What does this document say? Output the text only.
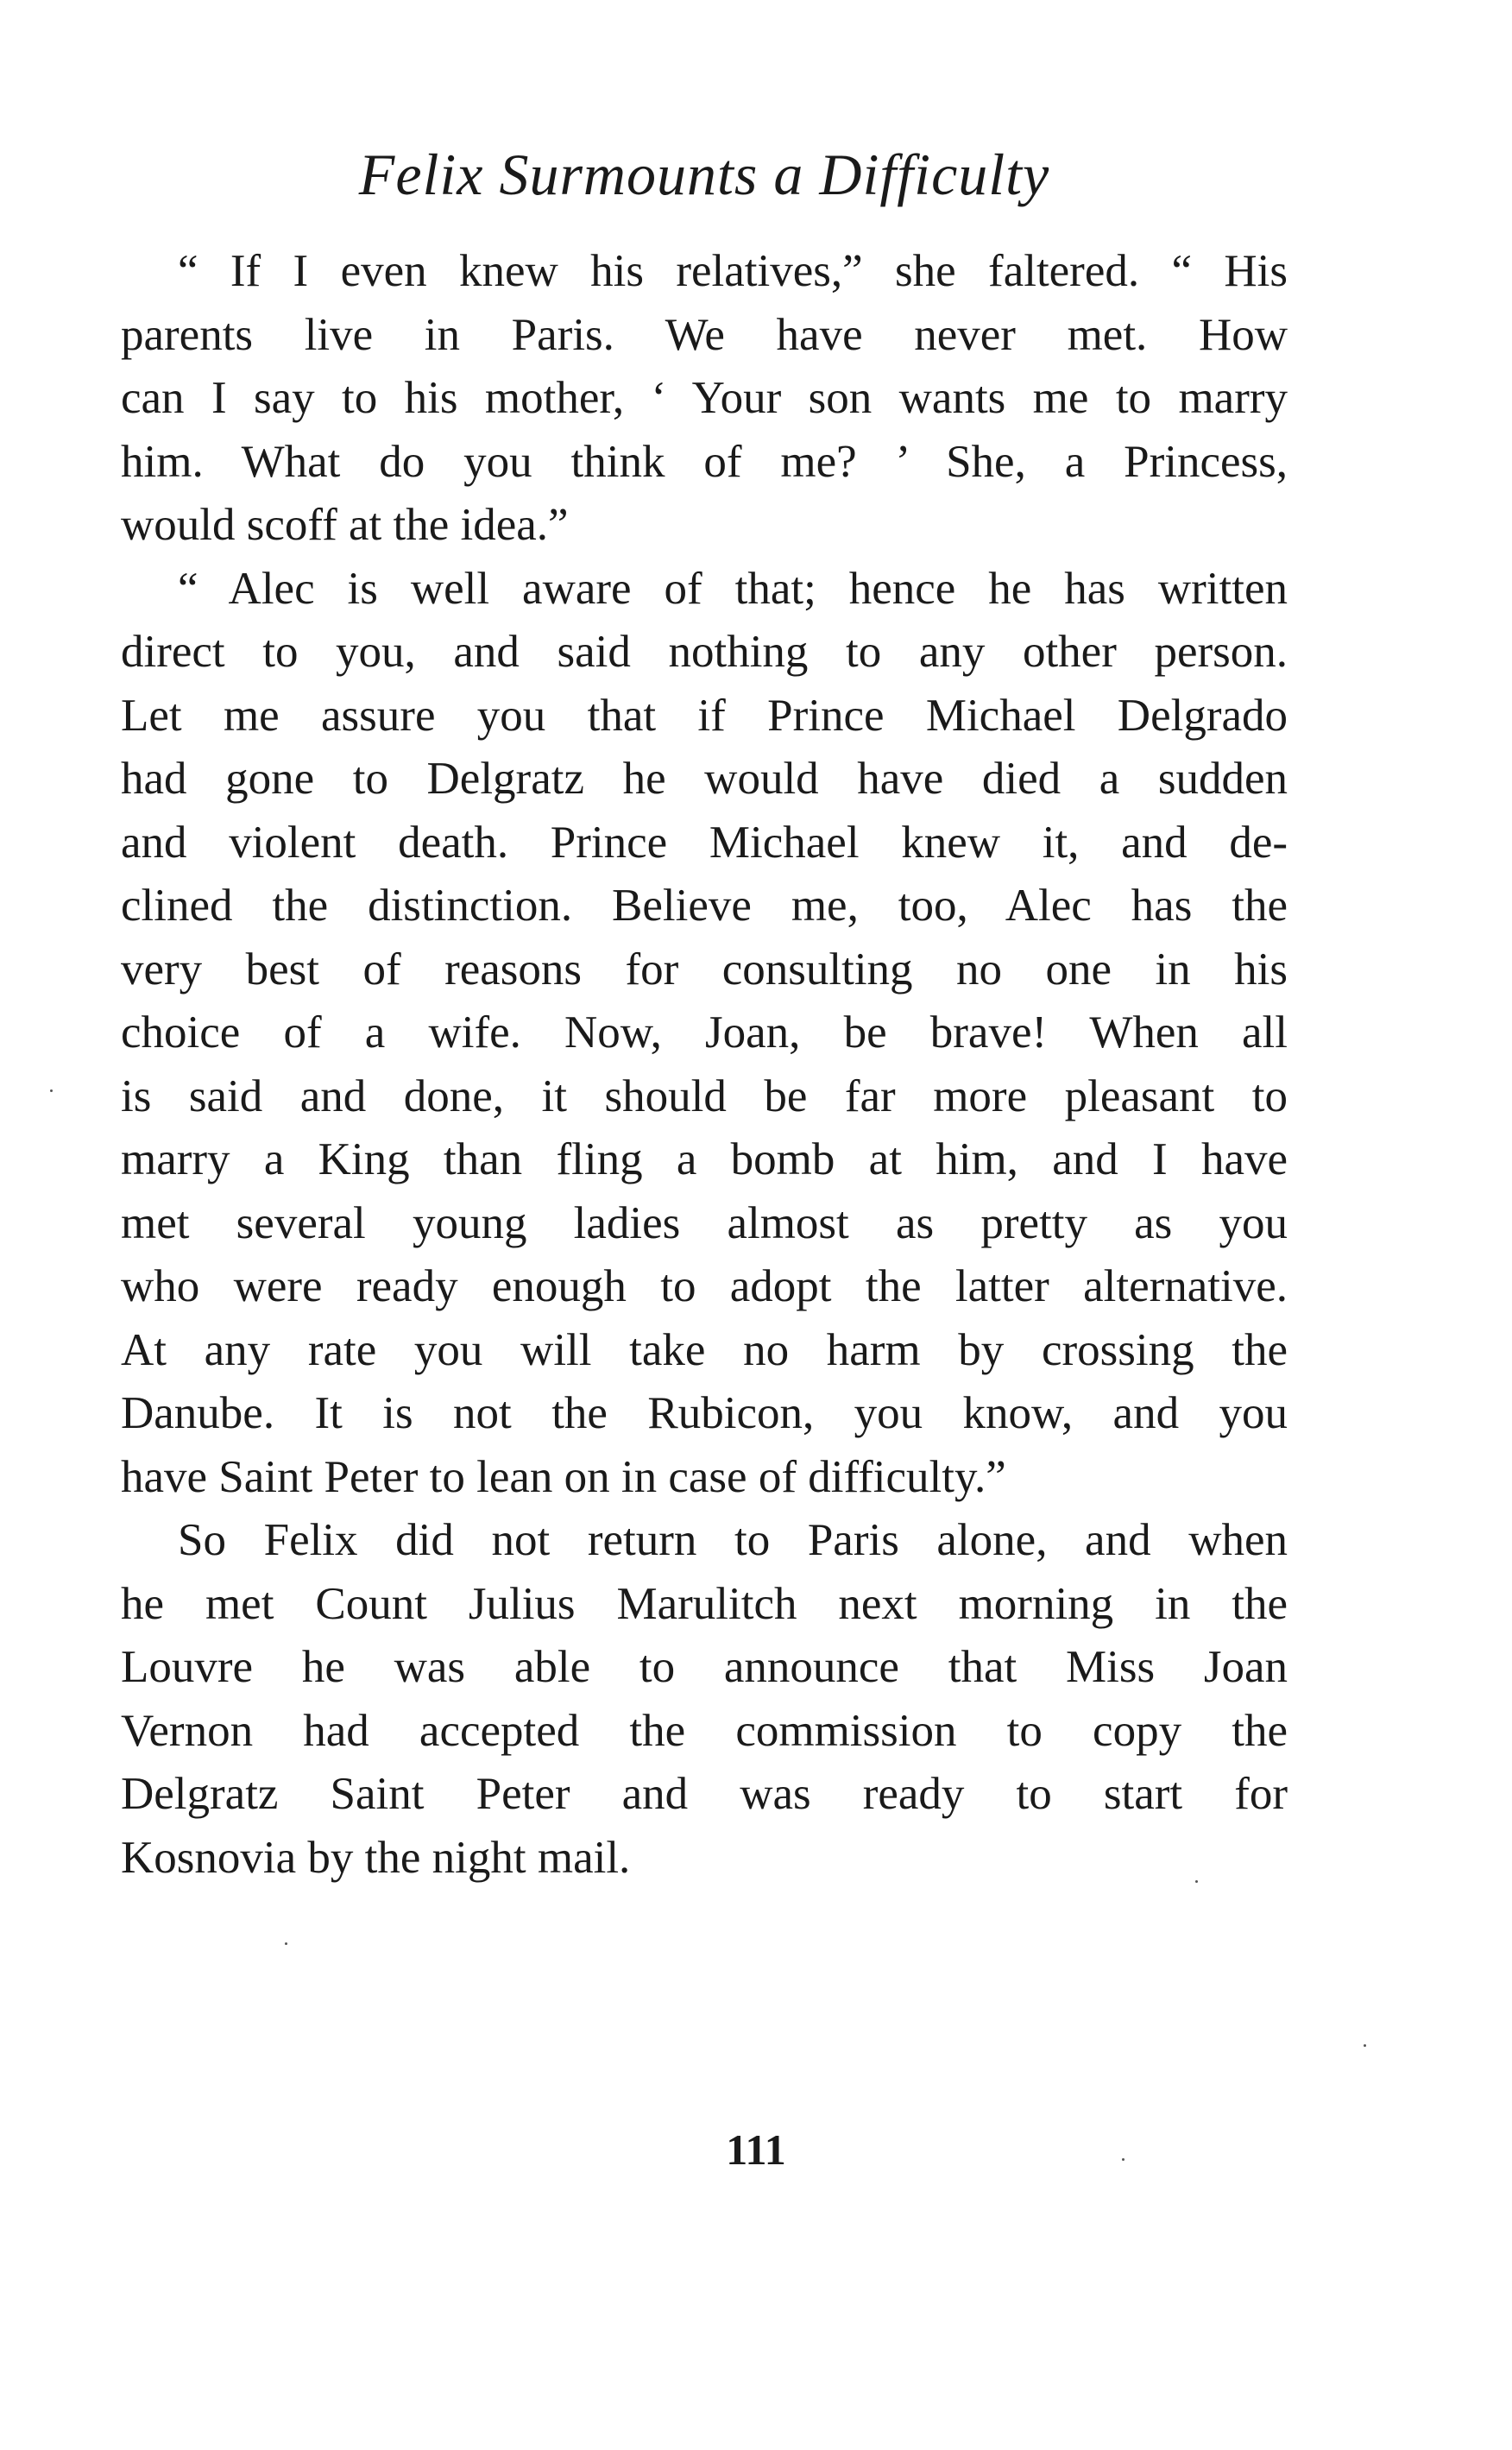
Felix Surmounts a Difficulty
“ If I even knew his relatives,” she faltered. “ His
parents live in Paris. We have never met. How
can I say to his mother, ‘ Your son wants me to marry
him. What do you think of me? ’ She, a Princess,
would scoff at the idea.”
“ Alec is well aware of that; hence he has written
direct to you, and said nothing to any other person.
Let me assure you that if Prince Michael Delgrado
had gone to Delgratz he would have died a sudden
and violent death. Prince Michael knew it, and de-
clined the distinction. Believe me, too, Alec has the
very best of reasons for consulting no one in his
choice of a wife. Now, Joan, be brave! When all
is said and done, it should be far more pleasant to
marry a King than fling a bomb at him, and I have
met several young ladies almost as pretty as you
who were ready enough to adopt the latter alternative.
At any rate you will take no harm by crossing the
Danube. It is not the Rubicon, you know, and you
have Saint Peter to lean on in case of difficulty.”
So Felix did not return to Paris alone, and when
he met Count Julius Marulitch next morning in the
Louvre he was able to announce that Miss Joan
Vernon had accepted the commission to copy the
Delgratz Saint Peter and was ready to start for
Kosnovia by the night mail.
111
